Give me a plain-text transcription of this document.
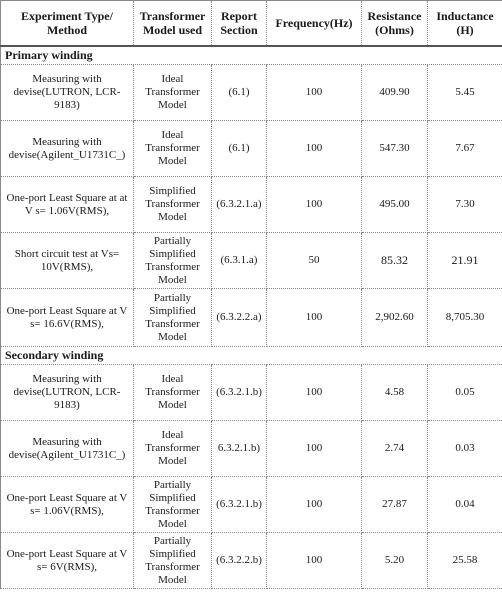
Experiment Type/ Method	Transformer Model used	Report Section	Frequency(Hz)	Resistance (Ohms)	Inductance (H)
Primary winding					
Measuring with devise(LUTRON, LCR-9183)	Ideal Transformer Model	(6.1)	100	409.90	5.45
Measuring with devise(Agilent_U1731C_)	Ideal Transformer Model	(6.1)	100	547.30	7.67
One-port Least Square at at V s= 1.06V(RMS),	Simplified Transformer Model	(6.3.2.1.a)	100	495.00	7.30
Short circuit test at Vs= 10V(RMS),	Partially Simplified Transformer Model	(6.3.1.a)	50	85.32	21.91
One-port Least Square at V s= 16.6V(RMS),	Partially Simplified Transformer Model	(6.3.2.2.a)	100	2,902.60	8,705.30
Secondary winding					
Measuring with devise(LUTRON, LCR-9183)	Ideal Transformer Model	(6.3.2.1.b)	100	4.58	0.05
Measuring with devise(Agilent_U1731C_)	Ideal Transformer Model	6.3.2.1.b)	100	2.74	0.03
One-port Least Square at V s= 1.06V(RMS),	Partially Simplified Transformer Model	(6.3.2.1.b)	100	27.87	0.04
One-port Least Square at V s= 6V(RMS),	Partially Simplified Transformer Model	(6.3.2.2.b)	100	5.20	25.58
